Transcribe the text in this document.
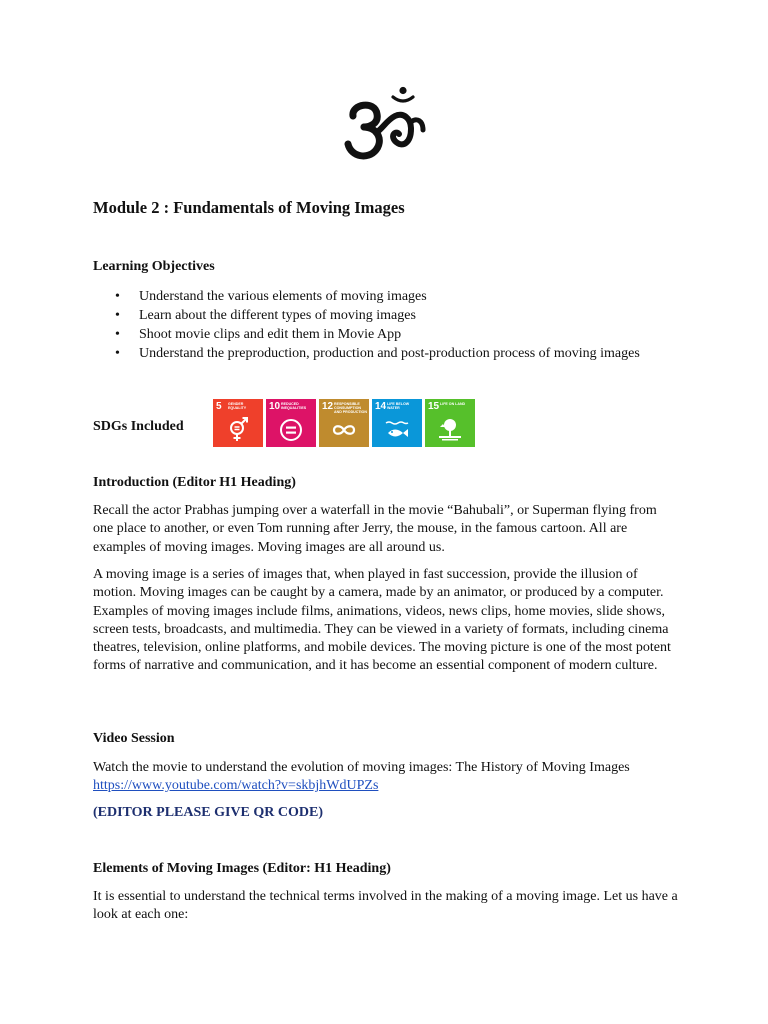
Module 2 : Fundamentals of Moving Images
Learning Objectives
• Understand the various elements of moving images
• Learn about the different types of moving images
• Shoot movie clips and edit them in Movie App
• Understand the preproduction, production and post-production process of moving images
SDGs Included
5 GENDER EQUALITY	10 REDUCED INEQUALITIES	12 RESPONSIBLE CONSUMPTION AND PRODUCTION
14 LIFE BELOW WATER	15 LIFE ON LAND
Introduction (Editor H1 Heading)

Recall the actor Prabhas jumping over a waterfall in the movie “Bahubali”, or Superman flying from one place to another, or even Tom running after Jerry, the mouse, in the famous cartoon. All are examples of moving images. Moving images are all around us.

A moving image is a series of images that, when played in fast succession, provide the illusion of motion. Moving images can be caught by a camera, made by an animator, or produced by a computer. Examples of moving images include films, animations, videos, news clips, home movies, slide shows, screen tests, broadcasts, and multimedia. They can be viewed in a variety of formats, including cinema theatres, television, online platforms, and mobile devices. The moving picture is one of the most potent forms of narrative and communication, and it has become an essential component of modern culture.

Video Session

Watch the movie to understand the evolution of moving images: The History of Moving Images https://www.youtube.com/watch?v=skbjhWdUPZs

(EDITOR PLEASE GIVE QR CODE)
Elements of Moving Images (Editor: H1 Heading)

It is essential to understand the technical terms involved in the making of a moving image. Let us have a look at each one:
